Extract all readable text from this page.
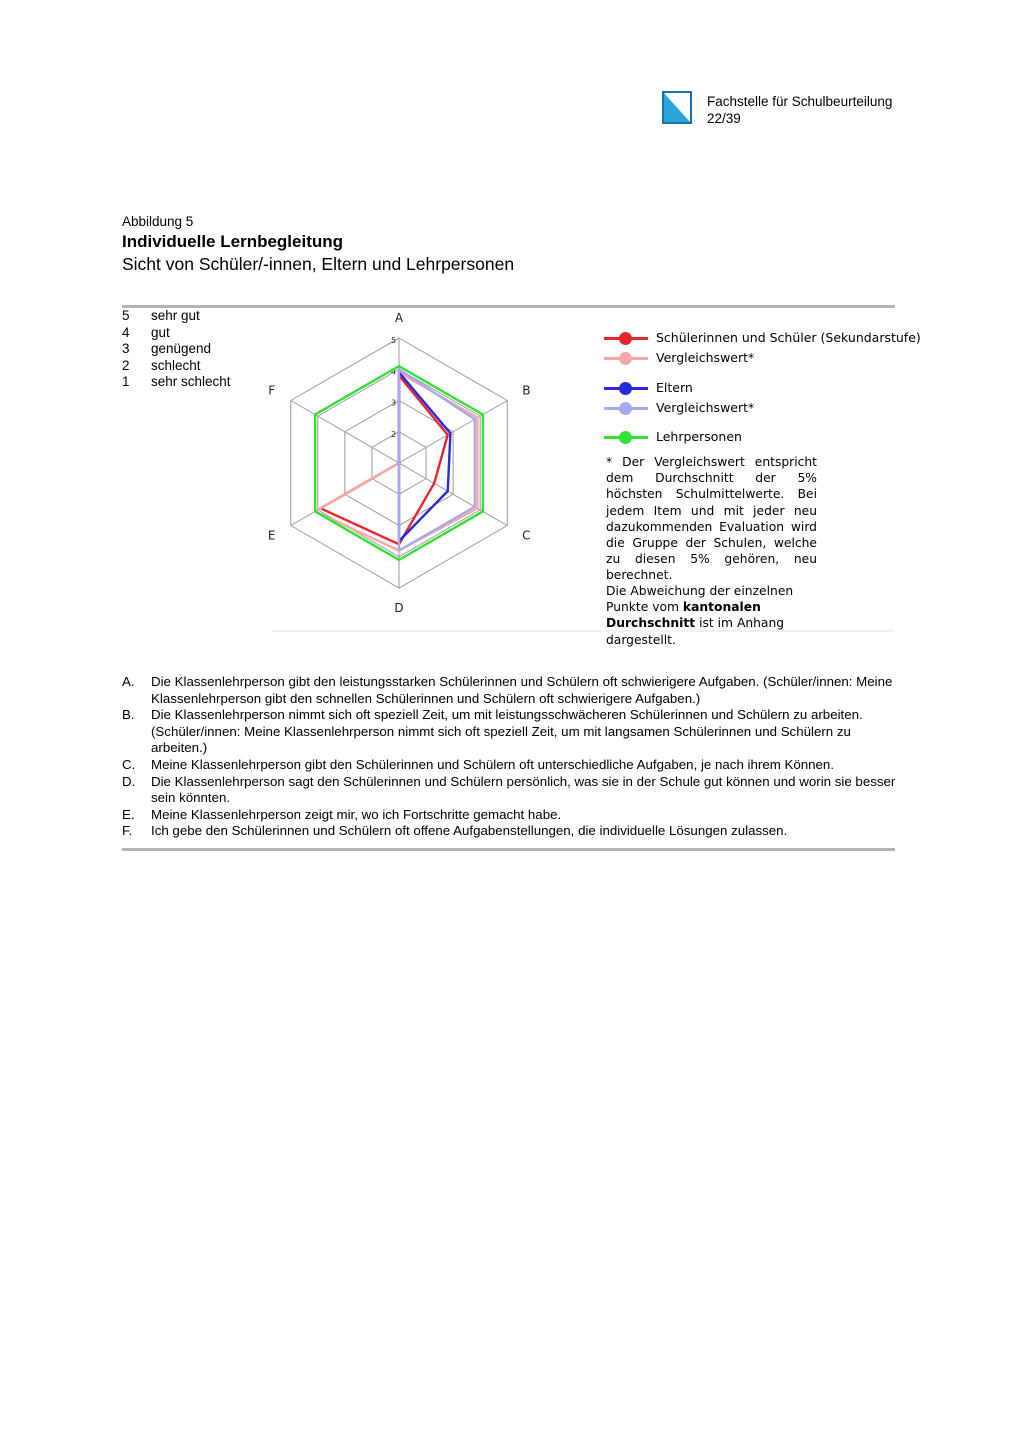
Fachstelle für Schulbeurteilung
22/39
Abbildung 5
Individuelle Lernbegleitung
Sicht von Schüler/-innen, Eltern und Lehrpersonen
5	sehr gut
4	gut
3	genügend
2	schlecht
1	sehr schlecht
2
3
4
5
A
B
C
D
E
F
Schülerinnen und Schüler (Sekundarstufe)
Vergleichswert*
Eltern
Vergleichswert*
Lehrpersonen
* Der Vergleichswert entspricht dem Durchschnitt der 5% höchsten Schulmittelwerte. Bei jedem Item und mit jeder neu dazukommenden Evaluation wird die Gruppe der Schulen, welche zu diesen 5% gehören, neu berechnet.
Die Abweichung der einzelnen Punkte vom kantonalen Durchschnitt ist im Anhang dargestellt.
A.	Die Klassenlehrperson gibt den leistungsstarken Schülerinnen und Schülern oft schwierigere Aufgaben. (Schüler/innen: Meine Klassenlehrperson gibt den schnellen Schülerinnen und Schülern oft schwierigere Aufgaben.)
B.	Die Klassenlehrperson nimmt sich oft speziell Zeit, um mit leistungsschwächeren Schülerinnen und Schülern zu arbeiten. (Schüler/innen: Meine Klassenlehrperson nimmt sich oft speziell Zeit, um mit langsamen Schülerinnen und Schülern zu arbeiten.)
C.	Meine Klassenlehrperson gibt den Schülerinnen und Schülern oft unterschiedliche Aufgaben, je nach ihrem Können.
D.	Die Klassenlehrperson sagt den Schülerinnen und Schülern persönlich, was sie in der Schule gut können und worin sie besser sein könnten.
E.	Meine Klassenlehrperson zeigt mir, wo ich Fortschritte gemacht habe.
F.	Ich gebe den Schülerinnen und Schülern oft offene Aufgabenstellungen, die individuelle Lösungen zulassen.
